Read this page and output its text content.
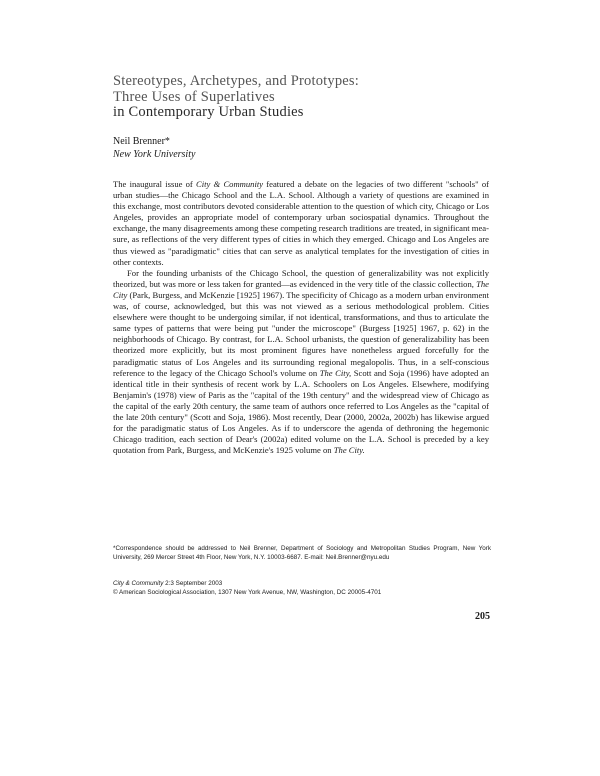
Stereotypes, Archetypes, and Prototypes:
Three Uses of Superlatives
in Contemporary Urban Studies
Neil Brenner*
New York University

The inaugural issue of City & Community featured a debate on the legacies of two different "schools" of urban studies—the Chicago School and the L.A. School. Although a variety of questions are examined in this exchange, most contributors devoted considerable attention to the question of which city, Chicago or Los Angeles, provides an appropriate model of contemporary urban sociospatial dynamics. Throughout the exchange, the many disagreements among these competing research traditions are treated, in significant measure, as reflections of the very different types of cities in which they emerged. Chicago and Los Angeles are thus viewed as "paradigmatic" cities that can serve as analytical templates for the investigation of cities in other contexts.

For the founding urbanists of the Chicago School, the question of generalizability was not explicitly theorized, but was more or less taken for granted—as evidenced in the very title of the classic collection, The City (Park, Burgess, and McKenzie [1925] 1967). The specificity of Chicago as a modern urban environment was, of course, acknowledged, but this was not viewed as a serious methodological problem. Cities elsewhere were thought to be undergoing similar, if not identical, transformations, and thus to articulate the same types of patterns that were being put "under the microscope" (Burgess [1925] 1967, p. 62) in the neighborhoods of Chicago. By contrast, for L.A. School urbanists, the question of generalizability has been theorized more explicitly, but its most prominent figures have nonetheless argued forcefully for the paradigmatic status of Los Angeles and its surrounding regional megalopolis. Thus, in a self-conscious reference to the legacy of the Chicago School's volume on The City, Scott and Soja (1996) have adopted an identical title in their synthesis of recent work by L.A. Schoolers on Los Angeles. Elsewhere, modifying Benjamin's (1978) view of Paris as the "capital of the 19th century" and the widespread view of Chicago as the capital of the early 20th century, the same team of authors once referred to Los Angeles as the "capital of the late 20th century" (Scott and Soja, 1986). Most recently, Dear (2000, 2002a, 2002b) has likewise argued for the paradigmatic status of Los Angeles. As if to underscore the agenda of dethroning the hegemonic Chicago tradition, each section of Dear's (2002a) edited volume on the L.A. School is preceded by a key quotation from Park, Burgess, and McKenzie's 1925 volume on The City.

*Correspondence should be addressed to Neil Brenner, Department of Sociology and Metropolitan Studies Program, New York University, 269 Mercer Street 4th Floor, New York, N.Y. 10003-6687. E-mail: Neil.Brenner@nyu.edu
City & Community 2:3 September 2003
© American Sociological Association, 1307 New York Avenue, NW, Washington, DC 20005-4701
205
